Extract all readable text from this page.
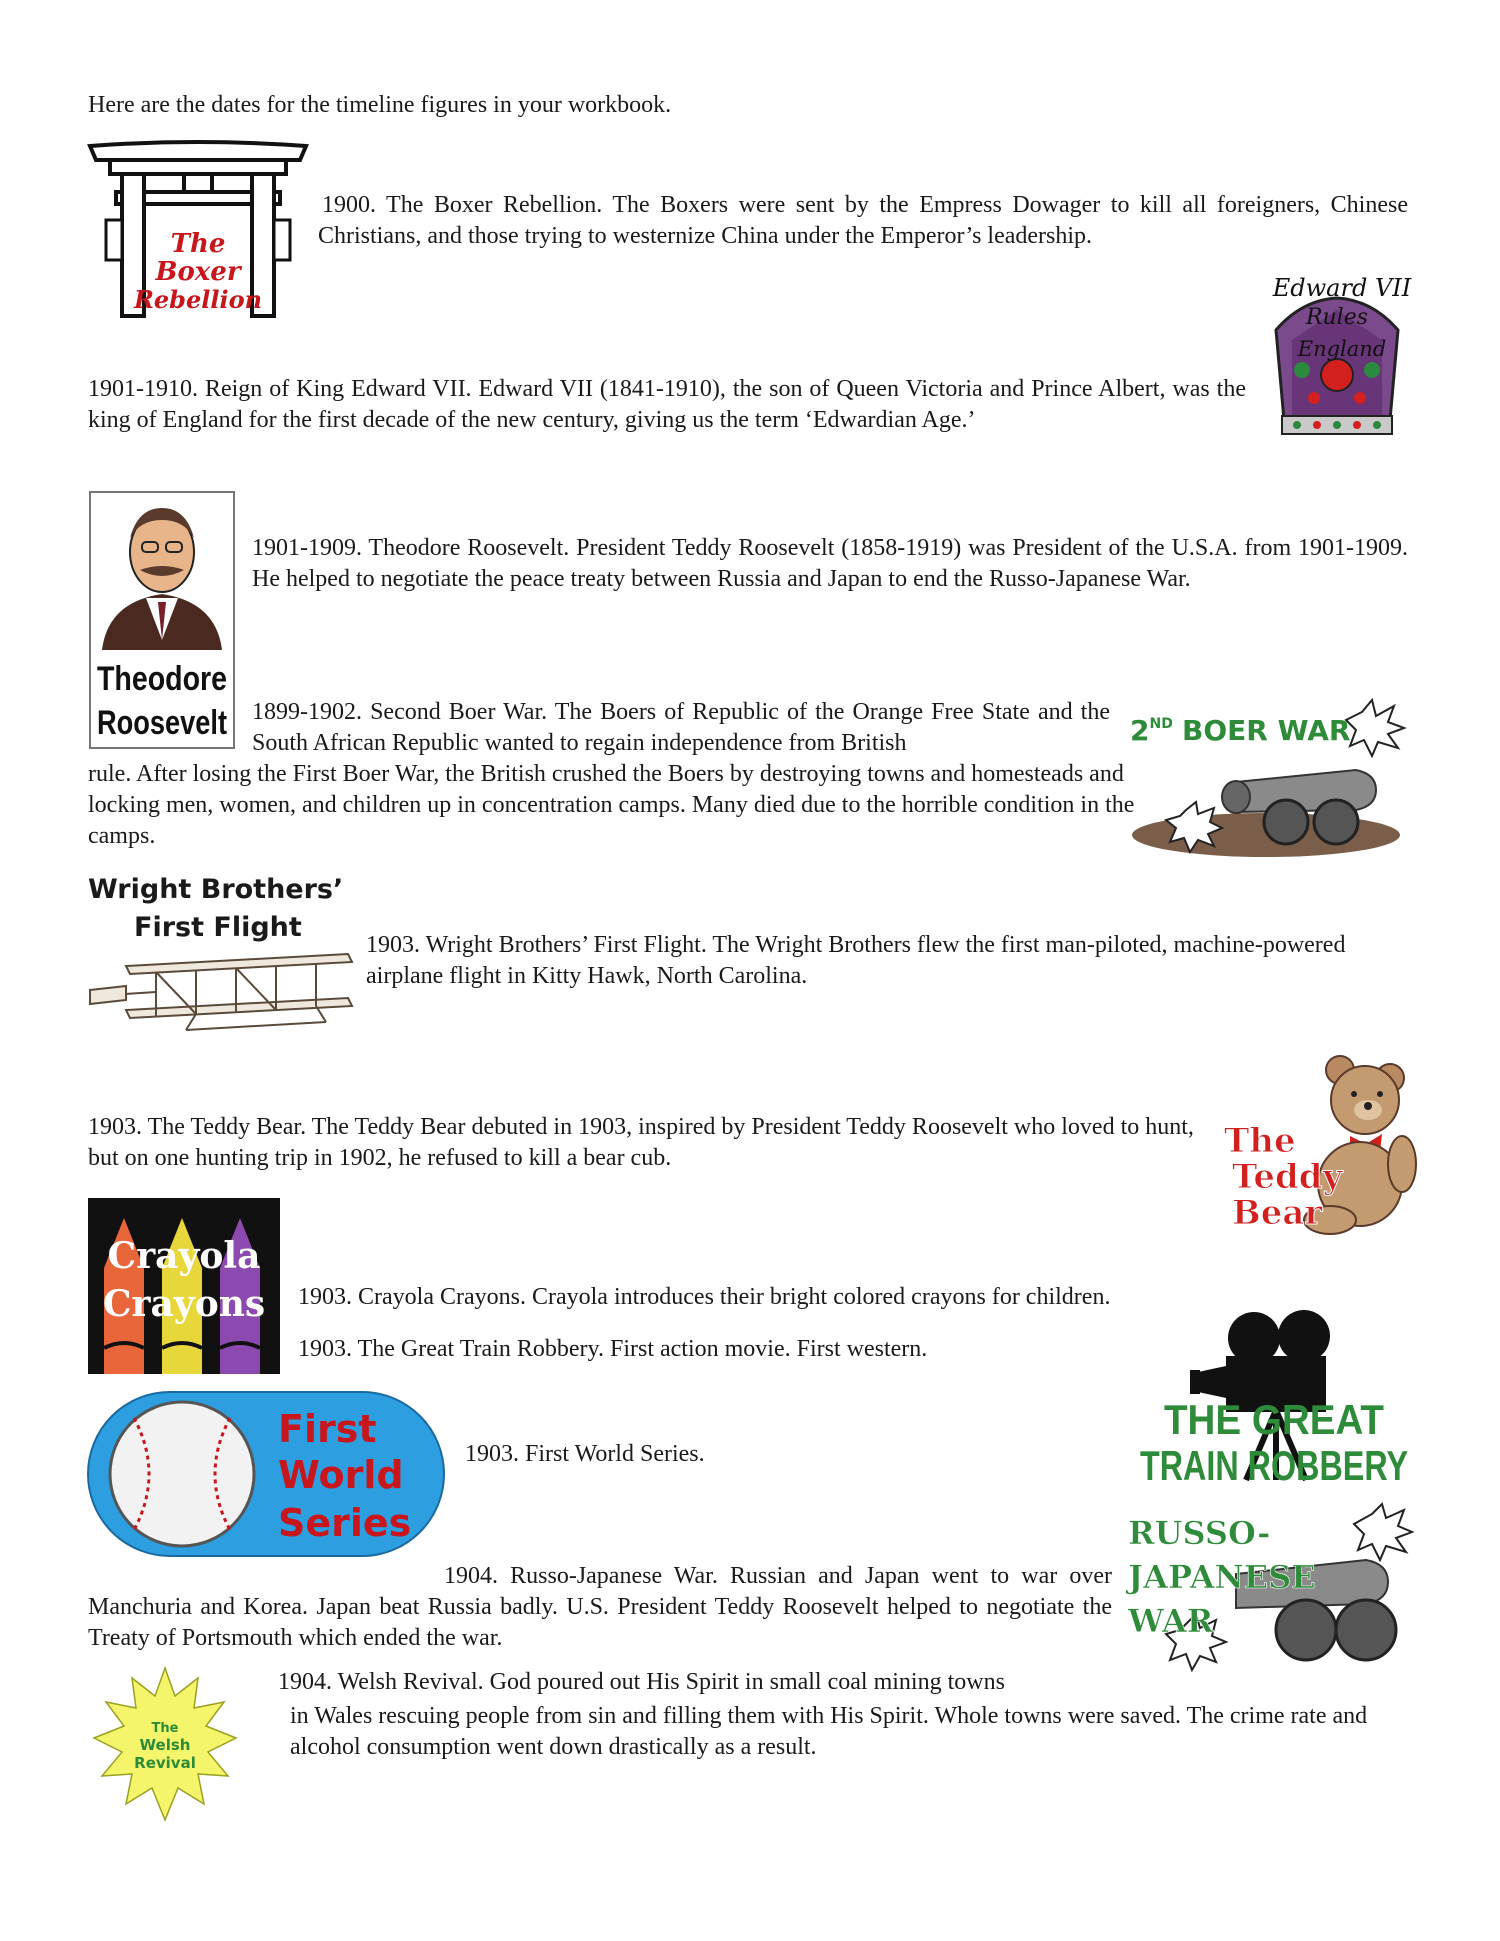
Here are the dates for the timeline figures in your workbook.
The
Boxer
Rebellion
1900. The Boxer Rebellion. The Boxers were sent by the Empress Dowager to kill all foreigners, Chinese Christians, and those trying to westernize China under the Emperor’s leadership.
Edward VII
Rules
England
1901-1910. Reign of King Edward VII. Edward VII (1841-1910), the son of Queen Victoria and Prince Albert, was the king of England for the first decade of the new century, giving us the term ‘Edwardian Age.’
Theodore
Roosevelt
1901-1909. Theodore Roosevelt. President Teddy Roosevelt (1858-1919) was President of the U.S.A. from 1901-1909. He helped to negotiate the peace treaty between Russia and Japan to end the Russo-Japanese War.
2ND BOER WAR
1899-1902. Second Boer War. The Boers of Republic of the Orange Free State and the South African Republic wanted to regain independence from British
rule. After losing the First Boer War, the British crushed the Boers by destroying towns and homesteads and locking men, women, and children up in concentration camps. Many died due to the horrible condition in the camps.
Wright Brothers’
First Flight
1903. Wright Brothers’ First Flight. The Wright Brothers flew the first man-piloted, machine-powered airplane flight in Kitty Hawk, North Carolina.
The
Teddy
Bear
1903. The Teddy Bear. The Teddy Bear debuted in 1903, inspired by President Teddy Roosevelt who loved to hunt, but on one hunting trip in 1902, he refused to kill a bear cub.
Crayola
Crayons 1903. Crayola Crayons. Crayola introduces their bright colored crayons for children.
THE GREAT
TRAIN ROBBERY
1903. The Great Train Robbery. First action movie. First western.
First
World
Series
1903. First World Series.
RUSSO-
JAPANESE
WAR
1904. Russo-Japanese War. Russian and Japan went to war over Manchuria and Korea. Japan beat Russia badly. U.S. President Teddy Roosevelt helped to negotiate the Treaty of Portsmouth which ended the war.
The
Welsh
Revival
1904. Welsh Revival. God poured out His Spirit in small coal mining towns
in Wales rescuing people from sin and filling them with His Spirit. Whole towns were saved. The crime rate and alcohol consumption went down drastically as a result.
